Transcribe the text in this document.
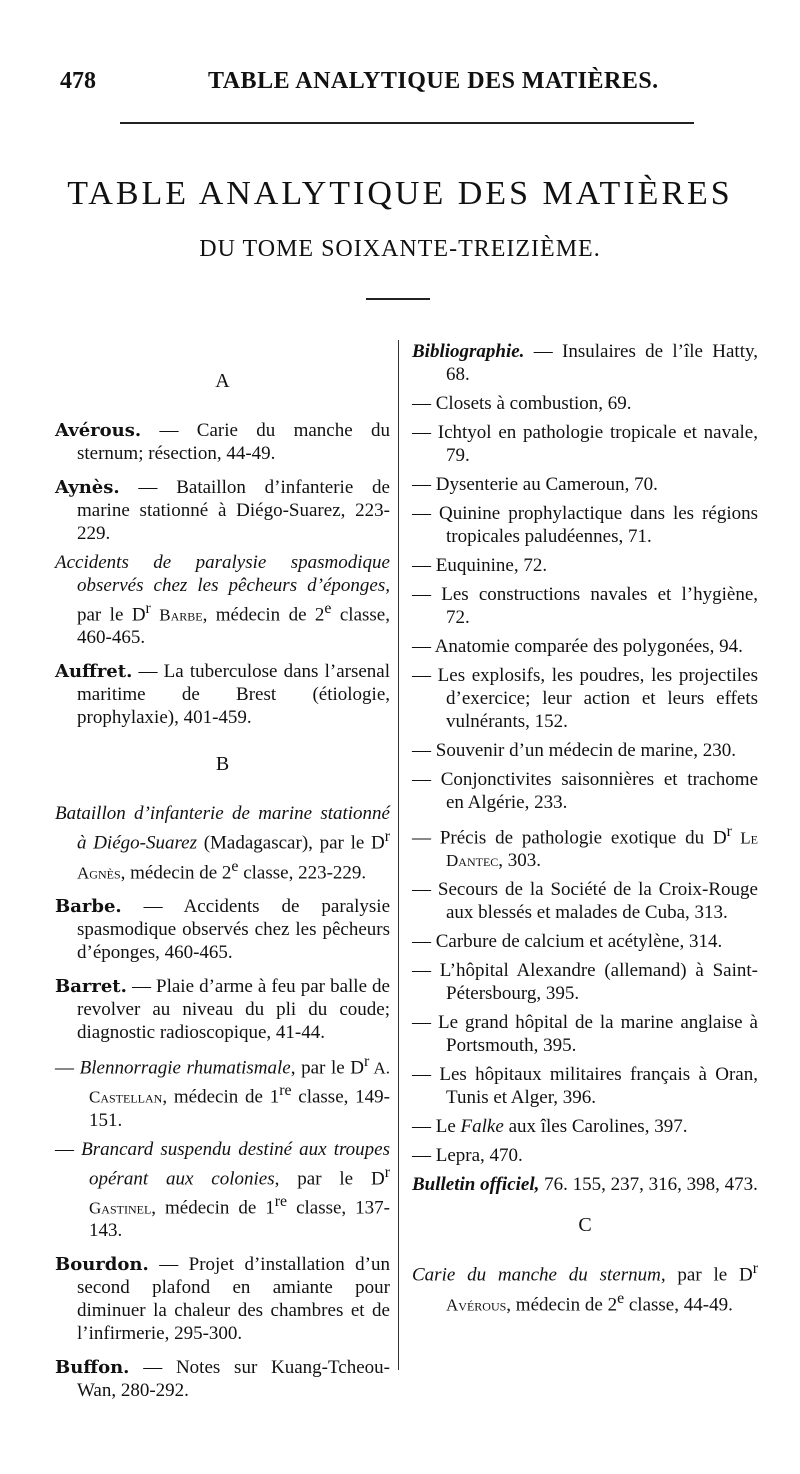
478	TABLE ANALYTIQUE DES MATIÈRES.
TABLE ANALYTIQUE DES MATIÈRES
DU TOME SOIXANTE-TREIZIÈME.
A
Avérous. — Carie du manche du sternum; résection, 44-49.
Aynès. — Bataillon d’infanterie de marine stationné à Diégo-Suarez, 223-229.
Accidents de paralysie spasmodique observés chez les pêcheurs d’éponges, par le $D^r$ Barbe, médecin de 2e classe, 460-465.
Auffret. — La tuberculose dans l’arsenal maritime de Brest (étiologie, prophylaxie), 401-459.
B
Bataillon d’infanterie de marine stationné à Diégo-Suarez (Madagascar), par le $D^r$ Agnès, médecin de 2e classe, 223-229.
Barbe. — Accidents de paralysie spasmodique observés chez les pêcheurs d’éponges, 460-465.
Barret. — Plaie d’arme à feu par balle de revolver au niveau du pli du coude; diagnostic radioscopique, 41-44.
— Blennorragie rhumatismale, par le $D^r$ A. Castellan, médecin de 1re classe, 149-151.
— Brancard suspendu destiné aux troupes opérant aux colonies, par le $D^r$ Gastinel, médecin de 1re classe, 137-143.
Bourdon. — Projet d’installation d’un second plafond en amiante pour diminuer la chaleur des chambres et de l’infirmerie, 295-300.
Buffon. — Notes sur Kuang-Tcheou-Wan, 280-292.
Bibliographie. — Insulaires de l’île Hatty, 68.
— Closets à combustion, 69.
— Ichtyol en pathologie tropicale et navale, 79.
— Dysenterie au Cameroun, 70.
— Quinine prophylactique dans les régions tropicales paludéennes, 71.
— Euquinine, 72.
— Les constructions navales et l’hygiène, 72.
— Anatomie comparée des polygonées, 94.
— Les explosifs, les poudres, les projectiles d’exercice; leur action et leurs effets vulnérants, 152.
— Souvenir d’un médecin de marine, 230.
— Conjonctivites saisonnières et trachome en Algérie, 233.
— Précis de pathologie exotique du $D^r$ Le Dantec, 303.
— Secours de la Société de la Croix-Rouge aux blessés et malades de Cuba, 313.
— Carbure de calcium et acétylène, 314.
— L’hôpital Alexandre (allemand) à Saint-Pétersbourg, 395.
— Le grand hôpital de la marine anglaise à Portsmouth, 395.
— Les hôpitaux militaires français à Oran, Tunis et Alger, 396.
— Le Falke aux îles Carolines, 397.
— Lepra, 470.
Bulletin officiel, 76. 155, 237, 316, 398, 473.
C
Carie du manche du sternum, par le $D^r$ Avérous, médecin de 2e classe, 44-49.
